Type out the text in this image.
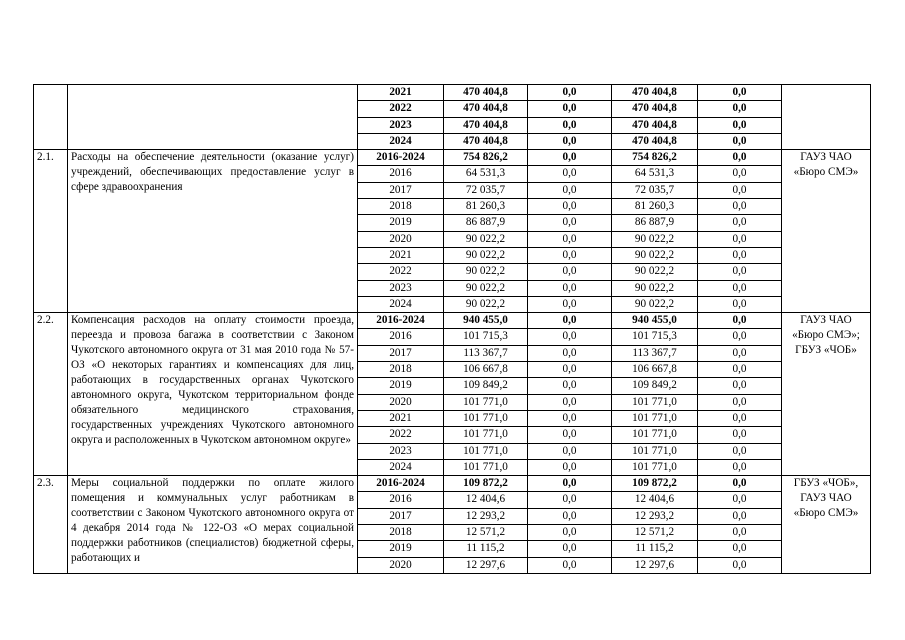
		2021	470 404,8	0,0	470 404,8	0,0	
		2022	470 404,8	0,0	470 404,8	0,0	
		2023	470 404,8	0,0	470 404,8	0,0	
		2024	470 404,8	0,0	470 404,8	0,0	
2.1.	Расходы на обеспечение деятельности (оказание услуг) учреждений, обеспечивающих предоставление услуг в сфере здравоохранения	2016-2024	754 826,2	0,0	754 826,2	0,0	ГАУЗ ЧАО «Бюро СМЭ»
		2016	64 531,3	0,0	64 531,3	0,0	
		2017	72 035,7	0,0	72 035,7	0,0	
		2018	81 260,3	0,0	81 260,3	0,0	
		2019	86 887,9	0,0	86 887,9	0,0	
		2020	90 022,2	0,0	90 022,2	0,0	
		2021	90 022,2	0,0	90 022,2	0,0	
		2022	90 022,2	0,0	90 022,2	0,0	
		2023	90 022,2	0,0	90 022,2	0,0	
		2024	90 022,2	0,0	90 022,2	0,0	
2.2.	Компенсация расходов на оплату стоимости проезда, переезда и провоза багажа в соответствии с Законом Чукотского автономного округа от 31 мая 2010 года № 57-ОЗ «О некоторых гарантиях и компенсациях для лиц, работающих в государственных органах Чукотского автономного округа, Чукотском территориальном фонде обязательного медицинского страхования, государственных учреждениях Чукотского автономного округа и расположенных в Чукотском автономном округе»	2016-2024	940 455,0	0,0	940 455,0	0,0	ГАУЗ ЧАО «Бюро СМЭ»; ГБУЗ «ЧОБ»
		2016	101 715,3	0,0	101 715,3	0,0	
		2017	113 367,7	0,0	113 367,7	0,0	
		2018	106 667,8	0,0	106 667,8	0,0	
		2019	109 849,2	0,0	109 849,2	0,0	
		2020	101 771,0	0,0	101 771,0	0,0	
		2021	101 771,0	0,0	101 771,0	0,0	
		2022	101 771,0	0,0	101 771,0	0,0	
		2023	101 771,0	0,0	101 771,0	0,0	
		2024	101 771,0	0,0	101 771,0	0,0	
2.3.	Меры социальной поддержки по оплате жилого помещения и коммунальных услуг работникам в соответствии с Законом Чукотского автономного округа от 4 декабря 2014 года № 122-ОЗ «О мерах социальной поддержки работников (специалистов) бюджетной сферы, работающих и	2016-2024	109 872,2	0,0	109 872,2	0,0	ГБУЗ «ЧОБ», ГАУЗ ЧАО «Бюро СМЭ»
		2016	12 404,6	0,0	12 404,6	0,0	
		2017	12 293,2	0,0	12 293,2	0,0	
		2018	12 571,2	0,0	12 571,2	0,0	
		2019	11 115,2	0,0	11 115,2	0,0	
		2020	12 297,6	0,0	12 297,6	0,0	
